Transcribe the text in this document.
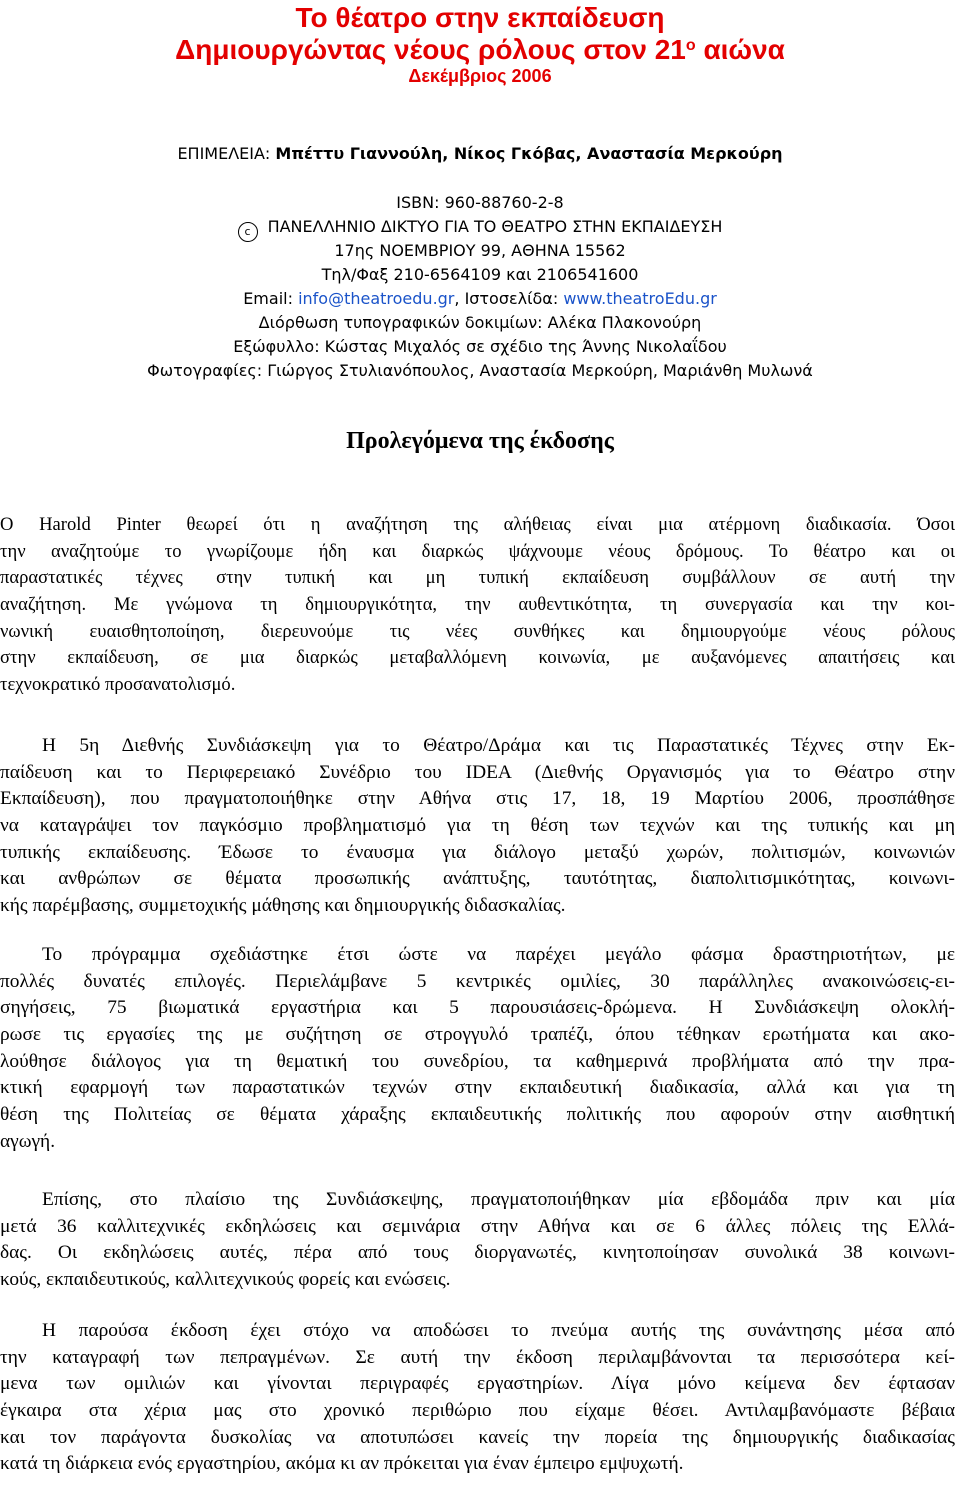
Το θέατρο στην εκπαίδευση
Δημιουργώντας νέους ρόλους στον $21^o$ αιώνα
Δεκέμβριος 2006
ΕΠΙΜΕΛΕΙΑ: Μπέττυ Γιαννούλη, Νίκος Γκόβας, Αναστασία Μερκούρη
ISBN: 960-88760-2-8
c ΠΑΝΕΛΛΗΝΙΟ ΔΙΚΤΥΟ ΓΙΑ ΤΟ ΘΕΑΤΡΟ ΣΤΗΝ ΕΚΠΑΙΔΕΥΣΗ
17ης ΝΟΕΜΒΡΙΟΥ 99, ΑΘΗΝΑ 15562
Τηλ/Φαξ 210-6564109 και 2106541600
Email: info@theatroedu.gr, Ιστοσελίδα: www.theatroEdu.gr
Διόρθωση τυπογραφικών δοκιμίων: Αλέκα Πλακονούρη
Εξώφυλλο: Κώστας Μιχαλός σε σχέδιο της Άννης Νικολαΐδου
Φωτογραφίες: Γιώργος Στυλιανόπουλος, Αναστασία Μερκούρη, Μαριάνθη Μυλωνά
Προλεγόμενα της έκδοσης
Ο Harold Pinter θεωρεί ότι η αναζήτηση της αλήθειας είναι μια ατέρμονη διαδικασία. Όσοι
την αναζητούμε το γνωρίζουμε ήδη και διαρκώς ψάχνουμε νέους δρόμους. Το θέατρο και οι
παραστατικές τέχνες στην τυπική και μη τυπική εκπαίδευση συμβάλλουν σε αυτή την
αναζήτηση. Με γνώμονα τη δημιουργικότητα, την αυθεντικότητα, τη συνεργασία και την κοι-
νωνική ευαισθητοποίηση, διερευνούμε τις νέες συνθήκες και δημιουργούμε νέους ρόλους
στην εκπαίδευση, σε μια διαρκώς μεταβαλλόμενη κοινωνία, με αυξανόμενες απαιτήσεις και
τεχνοκρατικό προσανατολισμό.
Η 5η Διεθνής Συνδιάσκεψη για το Θέατρο/Δράμα και τις Παραστατικές Τέχνες στην Εκ-
παίδευση και το Περιφερειακό Συνέδριο του IDEA (Διεθνής Οργανισμός για το Θέατρο στην
Εκπαίδευση), που πραγματοποιήθηκε στην Αθήνα στις 17, 18, 19 Μαρτίου 2006, προσπάθησε
να καταγράψει τον παγκόσμιο προβληματισμό για τη θέση των τεχνών και της τυπικής και μη
τυπικής εκπαίδευσης. Έδωσε το έναυσμα για διάλογο μεταξύ χωρών, πολιτισμών, κοινωνιών
και ανθρώπων σε θέματα προσωπικής ανάπτυξης, ταυτότητας, διαπολιτισμικότητας, κοινωνι-
κής παρέμβασης, συμμετοχικής μάθησης και δημιουργικής διδασκαλίας.
Το πρόγραμμα σχεδιάστηκε έτσι ώστε να παρέχει μεγάλο φάσμα δραστηριοτήτων, με
πολλές δυνατές επιλογές. Περιελάμβανε 5 κεντρικές ομιλίες, 30 παράλληλες ανακοινώσεις-ει-
σηγήσεις, 75 βιωματικά εργαστήρια και 5 παρουσιάσεις-δρώμενα. Η Συνδιάσκεψη ολοκλή-
ρωσε τις εργασίες της με συζήτηση σε στρογγυλό τραπέζι, όπου τέθηκαν ερωτήματα και ακο-
λούθησε διάλογος για τη θεματική του συνεδρίου, τα καθημερινά προβλήματα από την πρα-
κτική εφαρμογή των παραστατικών τεχνών στην εκπαιδευτική διαδικασία, αλλά και για τη
θέση της Πολιτείας σε θέματα χάραξης εκπαιδευτικής πολιτικής που αφορούν στην αισθητική
αγωγή.
Επίσης, στο πλαίσιο της Συνδιάσκεψης, πραγματοποιήθηκαν μία εβδομάδα πριν και μία
μετά 36 καλλιτεχνικές εκδηλώσεις και σεμινάρια στην Αθήνα και σε 6 άλλες πόλεις της Ελλά-
δας. Οι εκδηλώσεις αυτές, πέρα από τους διοργανωτές, κινητοποίησαν συνολικά 38 κοινωνι-
κούς, εκπαιδευτικούς, καλλιτεχνικούς φορείς και ενώσεις.
Η παρούσα έκδοση έχει στόχο να αποδώσει το πνεύμα αυτής της συνάντησης μέσα από
την καταγραφή των πεπραγμένων. Σε αυτή την έκδοση περιλαμβάνονται τα περισσότερα κεί-
μενα των ομιλιών και γίνονται περιγραφές εργαστηρίων. Λίγα μόνο κείμενα δεν έφτασαν
έγκαιρα στα χέρια μας στο χρονικό περιθώριο που είχαμε θέσει. Αντιλαμβανόμαστε βέβαια
και τον παράγοντα δυσκολίας να αποτυπώσει κανείς την πορεία της δημιουργικής διαδικασίας
κατά τη διάρκεια ενός εργαστηρίου, ακόμα κι αν πρόκειται για έναν έμπειρο εμψυχωτή.
